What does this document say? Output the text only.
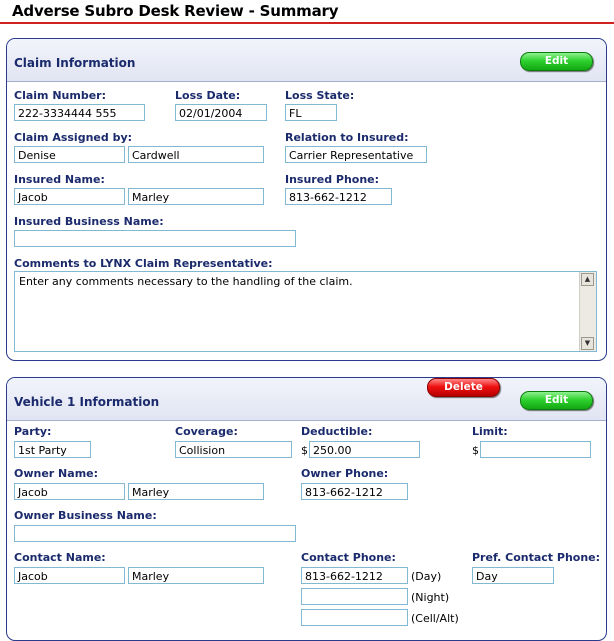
Adverse Subro Desk Review - Summary
Claim Information	Edit
Claim Number:
222-3334444 555
Loss Date:
02/01/2004
Loss State:
FL
Claim Assigned by:
Denise	Cardwell
Relation to Insured:
Carrier Representative
Insured Name:
Jacob	Marley
Insured Phone:
813-662-1212
Insured Business Name:
Comments to LYNX Claim Representative:
Enter any comments necessary to the handling of the claim.	▲
▼
Vehicle 1 Information
Delete
Edit
Party:
1st Party
Coverage:
Collision
Deductible:
$ 250.00
Limit:
$
Owner Name:
Jacob	Marley
Owner Phone:
813-662-1212
Owner Business Name:
Contact Name:
Jacob	Marley
Contact Phone:
813-662-1212	(Day)
(Night)
(Cell/Alt)
Pref. Contact Phone:
Day
